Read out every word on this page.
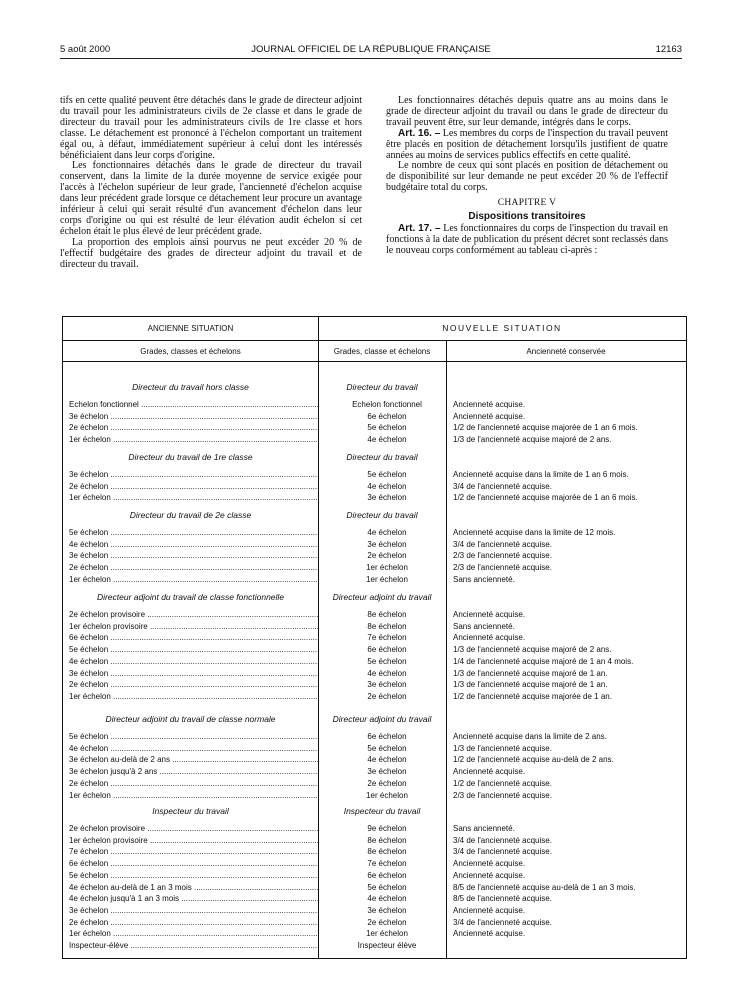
5 août 2000	JOURNAL OFFICIEL DE LA RÉPUBLIQUE FRANÇAISE	12163

tifs en cette qualité peuvent être détachés dans le grade de directeur adjoint du travail pour les administrateurs civils de 2e classe et dans le grade de directeur du travail pour les administrateurs civils de 1re classe et hors classe. Le détachement est prononcé à l'échelon comportant un traitement égal ou, à défaut, immédiatement supérieur à celui dont les intéressés bénéficiaient dans leur corps d'origine.

Les fonctionnaires détachés dans le grade de directeur du travail conservent, dans la limite de la durée moyenne de service exigée pour l'accès à l'échelon supérieur de leur grade, l'ancienneté d'échelon acquise dans leur précédent grade lorsque ce détachement leur procure un avantage inférieur à celui qui serait résulté d'un avancement d'échelon dans leur corps d'origine ou qui est résulté de leur élévation audit échelon si cet échelon était le plus élevé de leur précédent grade.

La proportion des emplois ainsi pourvus ne peut excéder 20 % de l'effectif budgétaire des grades de directeur adjoint du travail et de directeur du travail.

Les fonctionnaires détachés depuis quatre ans au moins dans le grade de directeur adjoint du travail ou dans le grade de directeur du travail peuvent être, sur leur demande, intégrés dans le corps.

Art. 16. – Les membres du corps de l'inspection du travail peuvent être placés en position de détachement lorsqu'ils justifient de quatre années au moins de services publics effectifs en cette qualité.

Le nombre de ceux qui sont placés en position de détachement ou de disponibilité sur leur demande ne peut excéder 20 % de l'effectif budgétaire total du corps.

CHAPITRE V
Dispositions transitoires

Art. 17. – Les fonctionnaires du corps de l'inspection du travail en fonctions à la date de publication du présent décret sont reclassés dans le nouveau corps conformément au tableau ci-après :

ANCIENNE SITUATION	NOUVELLE SITUATION
Grades, classes et échelons	Grades, classe et échelons	Ancienneté conservée
Directeur du travail hors classe	Directeur du travail
Echelon fonctionnel .....	Echelon fonctionnel	Ancienneté acquise.
3e échelon .....	6e échelon	Ancienneté acquise.
2e échelon .....	5e échelon	1/2 de l'ancienneté acquise majorée de 1 an 6 mois.
1er échelon .....	4e échelon	1/3 de l'ancienneté acquise majoré de 2 ans.
Directeur du travail de 1re classe	Directeur du travail
3e échelon .....	5e échelon	Ancienneté acquise dans la limite de 1 an 6 mois.
2e échelon .....	4e échelon	3/4 de l'ancienneté acquise.
1er échelon .....	3e échelon	1/2 de l'ancienneté acquise majorée de 1 an 6 mois.
Directeur du travail de 2e classe	Directeur du travail
5e échelon .....	4e échelon	Ancienneté acquise dans la limite de 12 mois.
4e échelon .....	3e échelon	3/4 de l'ancienneté acquise.
3e échelon .....	2e échelon	2/3 de l'ancienneté acquise.
2e échelon .....	1er échelon	2/3 de l'ancienneté acquise.
1er échelon .....	1er échelon	Sans ancienneté.
Directeur adjoint du travail de classe fonctionnelle	Directeur adjoint du travail
2e échelon provisoire .....	8e échelon	Ancienneté acquise.
1er échelon provisoire .....	8e échelon	Sans ancienneté.
6e échelon .....	7e échelon	Ancienneté acquise.
5e échelon .....	6e échelon	1/3 de l'ancienneté acquise majoré de 2 ans.
4e échelon .....	5e échelon	1/4 de l'ancienneté acquise majoré de 1 an 4 mois.
3e échelon .....	4e échelon	1/3 de l'ancienneté acquise majoré de 1 an.
2e échelon .....	3e échelon	1/3 de l'ancienneté acquise majoré de 1 an.
1er échelon .....	2e échelon	1/2 de l'ancienneté acquise majorée de 1 an.
Directeur adjoint du travail de classe normale	Directeur adjoint du travail
5e échelon .....	6e échelon	Ancienneté acquise dans la limite de 2 ans.
4e échelon .....	5e échelon	1/3 de l'ancienneté acquise.
3e échelon au-delà de 2 ans .....	4e échelon	1/2 de l'ancienneté acquise au-delà de 2 ans.
3e échelon jusqu'à 2 ans .....	3e échelon	Ancienneté acquise.
2e échelon .....	2e échelon	1/2 de l'ancienneté acquise.
1er échelon .....	1er échelon	2/3 de l'ancienneté acquise.
Inspecteur du travail	Inspecteur du travail
2e échelon provisoire .....	9e échelon	Sans ancienneté.
1er échelon provisoire .....	8e échelon	3/4 de l'ancienneté acquise.
7e échelon .....	8e échelon	3/4 de l'ancienneté acquise.
6e échelon .....	7e échelon	Ancienneté acquise.
5e échelon .....	6e échelon	Ancienneté acquise.
4e échelon au-delà de 1 an 3 mois .....	5e échelon	8/5 de l'ancienneté acquise au-delà de 1 an 3 mois.
4e échelon jusqu'à 1 an 3 mois .....	4e échelon	8/5 de l'ancienneté acquise.
3e échelon .....	3e échelon	Ancienneté acquise.
2e échelon .....	2e échelon	3/4 de l'ancienneté acquise.
1er échelon .....	1er échelon	Ancienneté acquise.
Inspecteur-élève .....	Inspecteur élève
